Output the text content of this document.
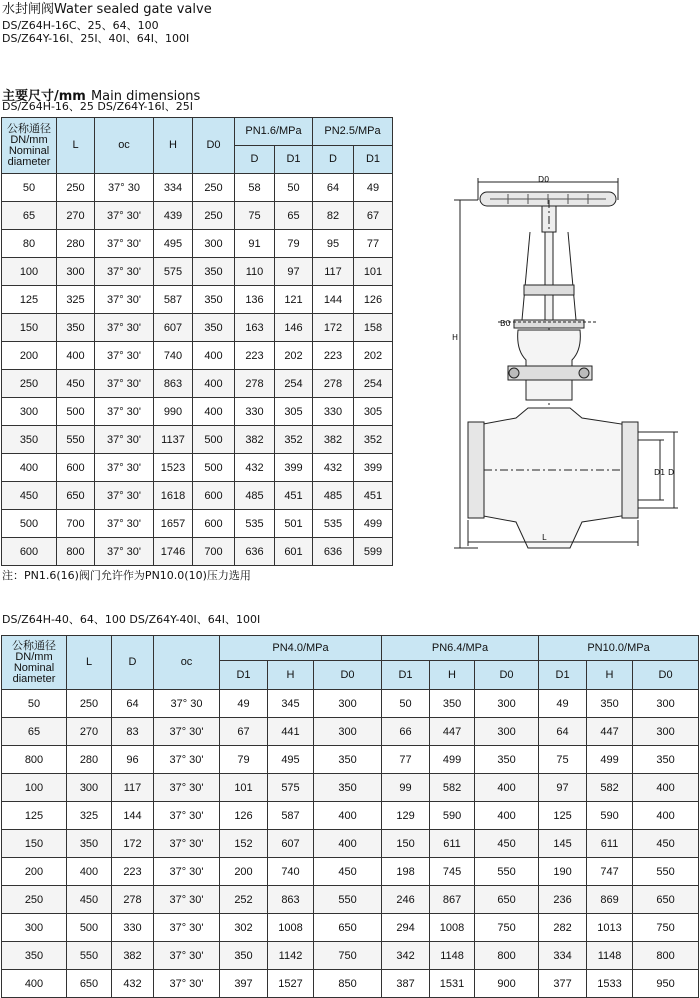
水封闸阀Water sealed gate valve
DS/Z64H-16C、25、64、100
DS/Z64Y-16I、25I、40I、64I、100I
主要尺寸/mm Main dimensions
DS/Z64H-16、25 DS/Z64Y-16I、25I
公称通径
DN/mm
Nominal
diameter	L	oc	H	D0	PN1.6/MPa		PN2.5/MPa	
					D	D1	D	D1
50	250	37° 30	334	250	58	50	64	49
65	270	37° 30'	439	250	75	65	82	67
80	280	37° 30'	495	300	91	79	95	77
100	300	37° 30'	575	350	110	97	117	101
125	325	37° 30'	587	350	136	121	144	126
150	350	37° 30'	607	350	163	146	172	158
200	400	37° 30'	740	400	223	202	223	202
250	450	37° 30'	863	400	278	254	278	254
300	500	37° 30'	990	400	330	305	330	305
350	550	37° 30'	1137	500	382	352	382	352
400	600	37° 30'	1523	500	432	399	432	399
450	650	37° 30'	1618	600	485	451	485	451
500	700	37° 30'	1657	600	535	501	535	499
600	800	37° 30'	1746	700	636	601	636	599
注：PN1.6(16)阀门允许作为PN10.0(10)压力选用
D0
B0
H
D
D1
L
DS/Z64H-40、64、100 DS/Z64Y-40I、64I、100I
公称通径
DN/mm
Nominal
diameter	L	D	oc	PN4.0/MPa			PN6.4/MPa			PN10.0/MPa		
				D1	H	D0	D1	H	D0	D1	H	D0
50	250	64	37° 30	49	345	300	50	350	300	49	350	300
65	270	83	37° 30'	67	441	300	66	447	300	64	447	300
800	280	96	37° 30'	79	495	350	77	499	350	75	499	350
100	300	117	37° 30'	101	575	350	99	582	400	97	582	400
125	325	144	37° 30'	126	587	400	129	590	400	125	590	400
150	350	172	37° 30'	152	607	400	150	611	450	145	611	450
200	400	223	37° 30'	200	740	450	198	745	550	190	747	550
250	450	278	37° 30'	252	863	550	246	867	650	236	869	650
300	500	330	37° 30'	302	1008	650	294	1008	750	282	1013	750
350	550	382	37° 30'	350	1142	750	342	1148	800	334	1148	800
400	650	432	37° 30'	397	1527	850	387	1531	900	377	1533	950
